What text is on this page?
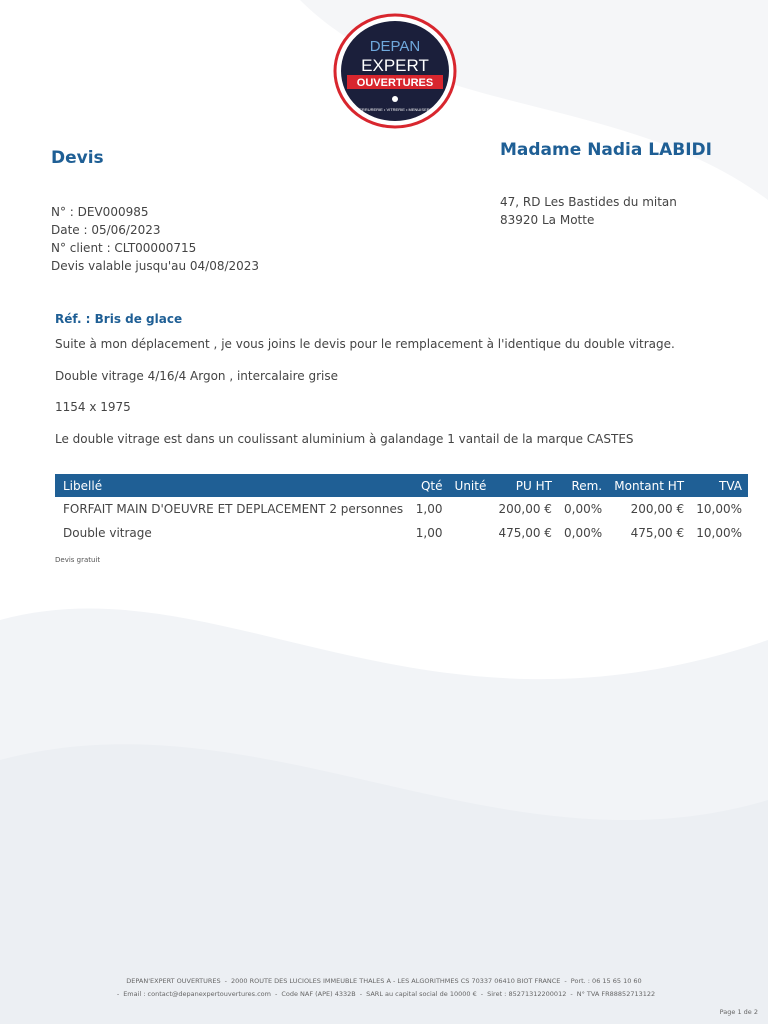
DEPAN
EXPERT
OUVERTURES
SERRURERIE • VITRERIE • MENUISERIE
Devis	Madame Nadia LABIDI
47, RD Les Bastides du mitan
83920 La Motte
N° : DEV000985
Date : 05/06/2023
N° client : CLT00000715
Devis valable jusqu'au 04/08/2023
Réf. : Bris de glace
Suite à mon déplacement , je vous joins le devis pour le remplacement à l'identique du double vitrage.
Double vitrage 4/16/4 Argon , intercalaire grise
1154 x 1975
Le double vitrage est dans un coulissant aluminium à galandage 1 vantail de la marque CASTES
Libellé	Qté	Unité	PU HT	Rem.	Montant HT	TVA
FORFAIT MAIN D'OEUVRE ET DEPLACEMENT 2 personnes	1,00		200,00 €	0,00%	200,00 €	10,00%
Double vitrage	1,00		475,00 €	0,00%	475,00 €	10,00%
Devis gratuit
DEPAN'EXPERT OUVERTURES - 2000 ROUTE DES LUCIOLES IMMEUBLE THALES A - LES ALGORITHMES CS 70337 06410 BIOT FRANCE - Port. : 06 15 65 10 60
- Email : contact@depanexpertouvertures.com - Code NAF (APE) 4332B - SARL au capital social de 10000 € - Siret : 85271312200012 - N° TVA FR88852713122
Page 1 de 2
